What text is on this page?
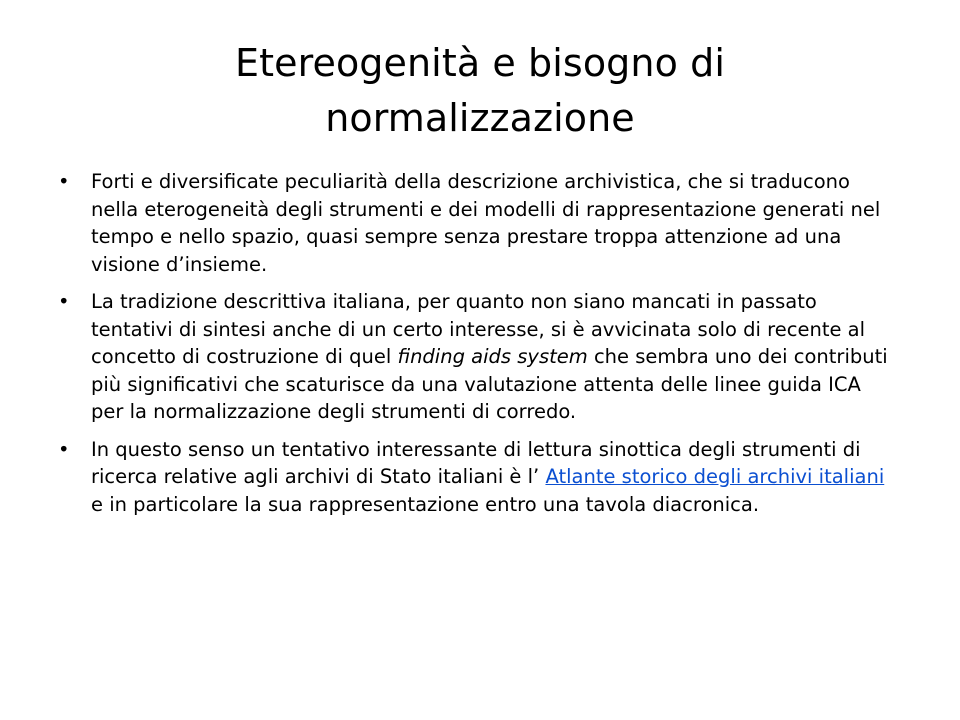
Etereogenità e bisogno di normalizzazione
• Forti e diversificate peculiarità della descrizione archivistica, che si traducono nella eterogeneità degli strumenti e dei modelli di rappresentazione generati nel tempo e nello spazio, quasi sempre senza prestare troppa attenzione ad una visione d’insieme.
• La tradizione descrittiva italiana, per quanto non siano mancati in passato tentativi di sintesi anche di un certo interesse, si è avvicinata solo di recente al concetto di costruzione di quel finding aids system che sembra uno dei contributi più significativi che scaturisce da una valutazione attenta delle linee guida ICA per la normalizzazione degli strumenti di corredo.
• In questo senso un tentativo interessante di lettura sinottica degli strumenti di ricerca relative agli archivi di Stato italiani è l’ Atlante storico degli archivi italiani e in particolare la sua rappresentazione entro una tavola diacronica.
